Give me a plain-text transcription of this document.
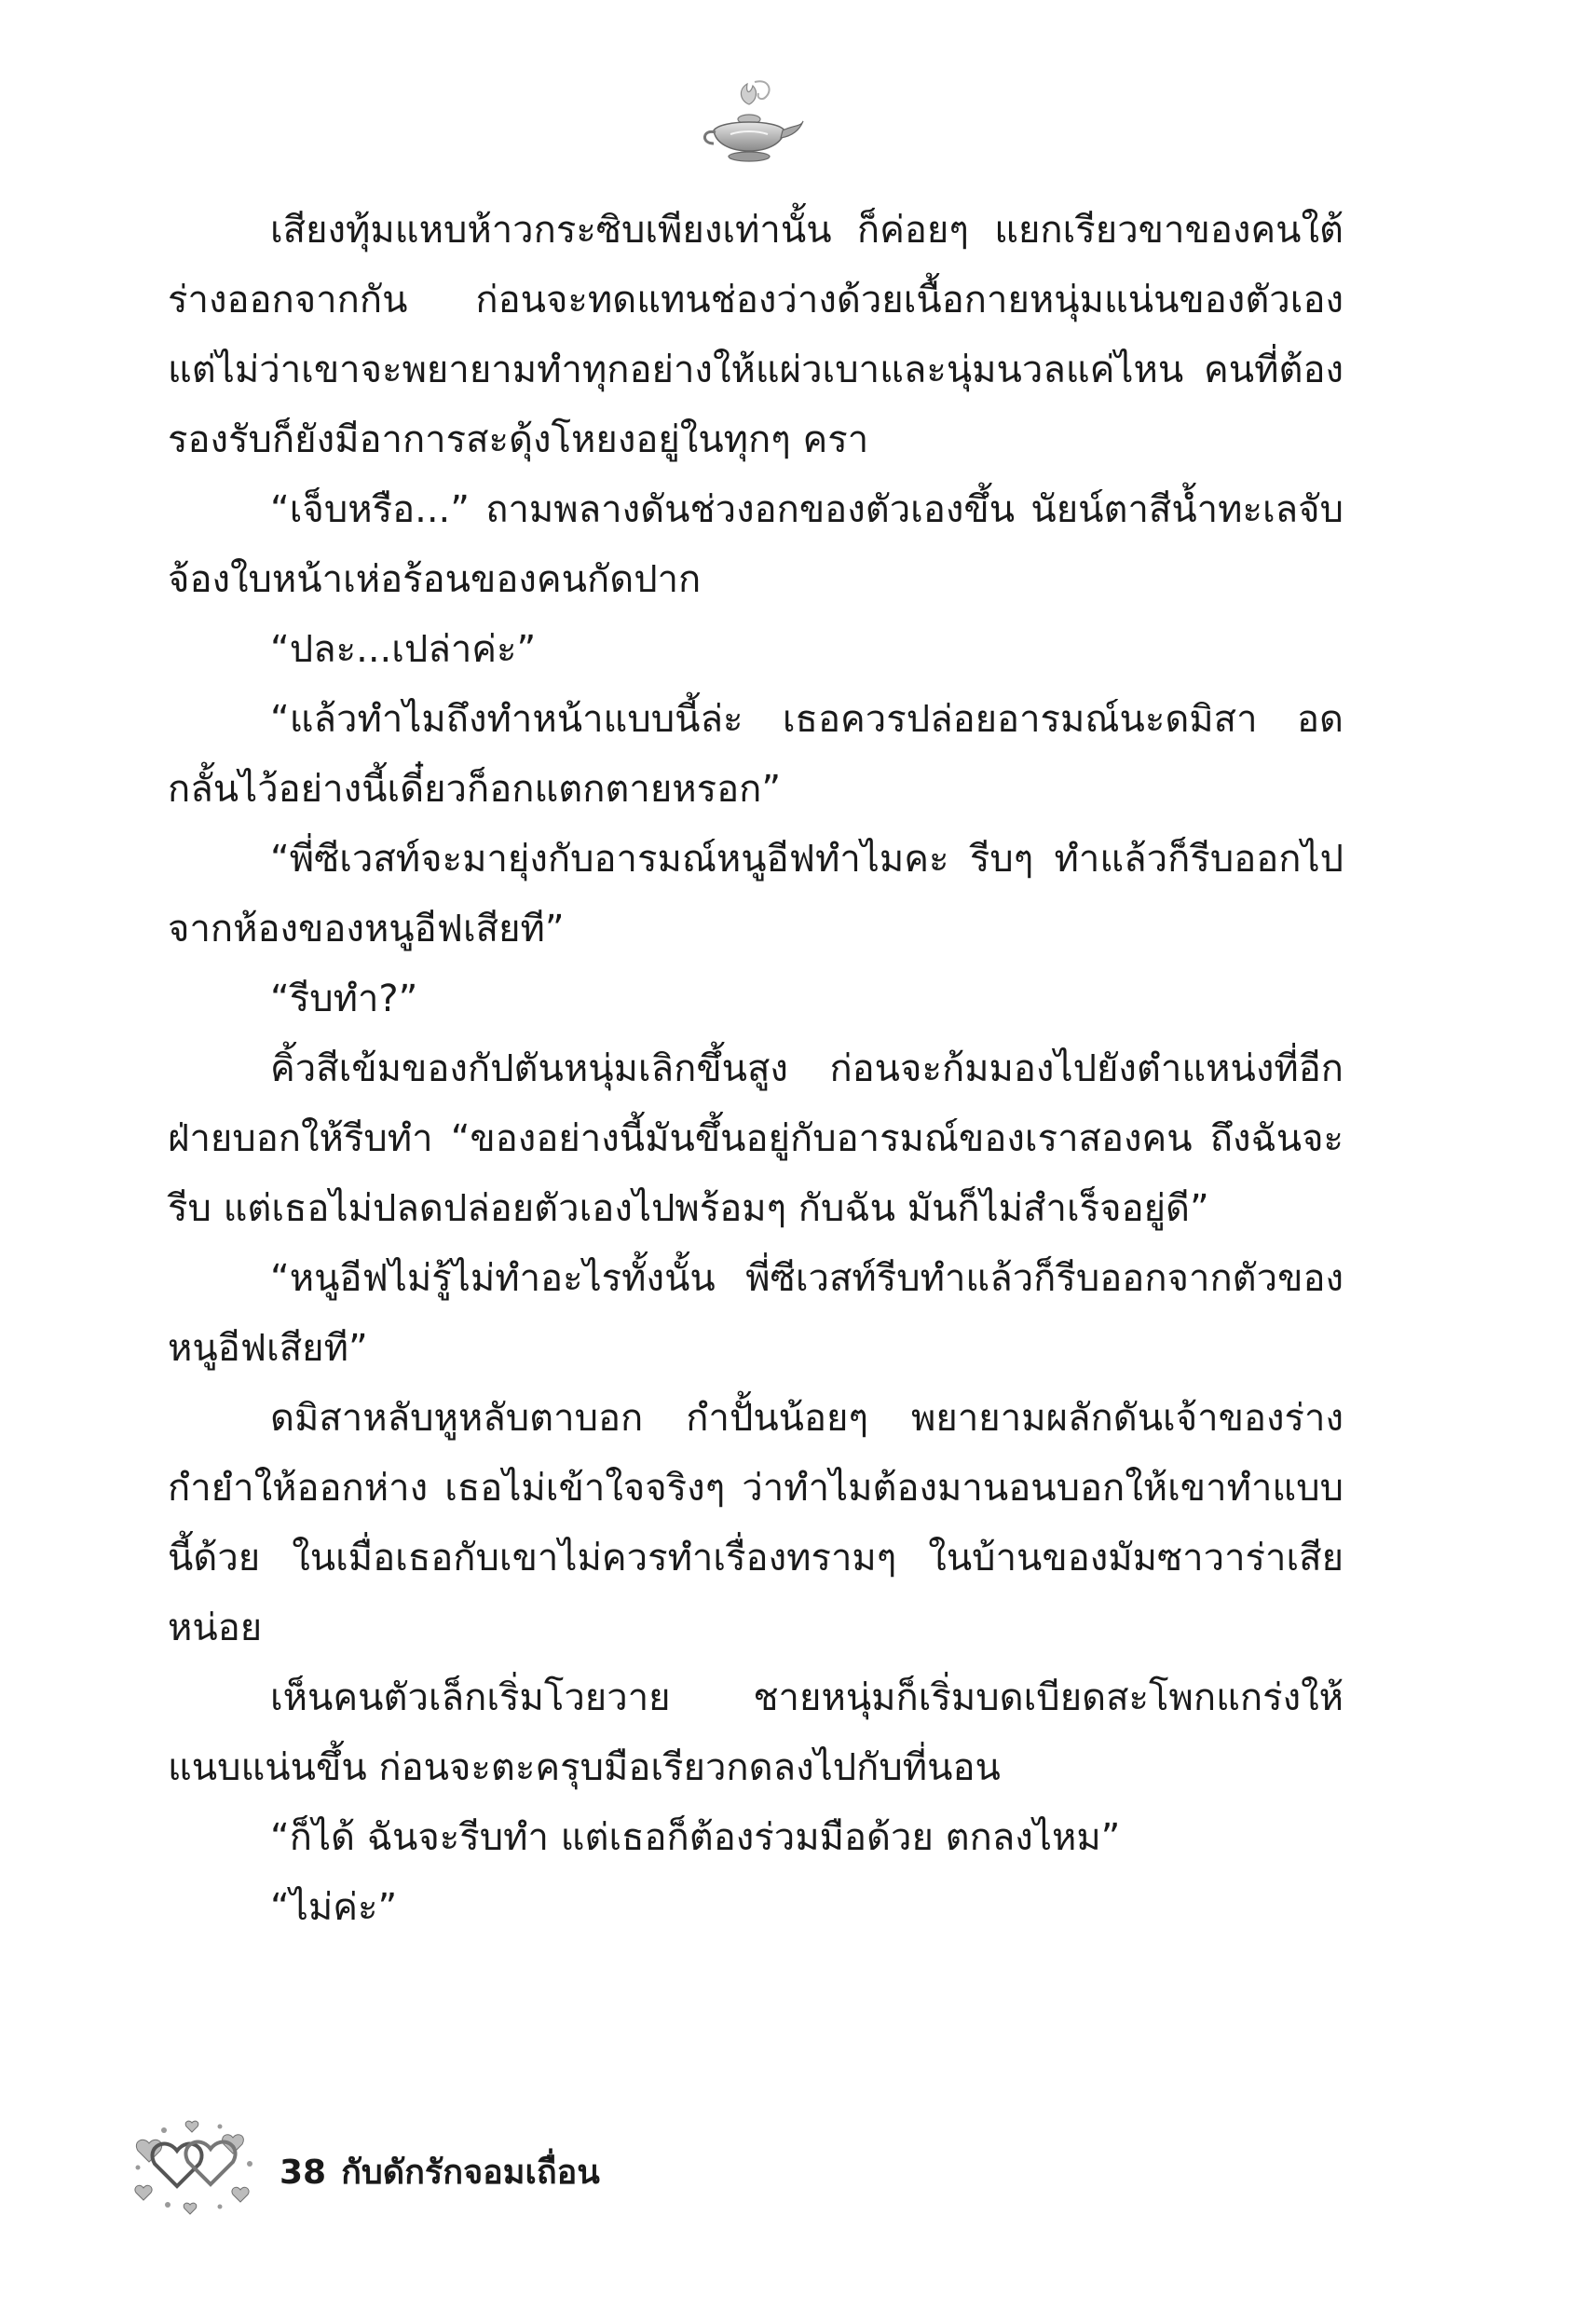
เสียงทุ้มแหบห้าวกระซิบเพียงเท่านั้น ก็ค่อยๆ แยกเรียวขาของคนใต้ร่างออกจากกัน ก่อนจะทดแทนช่องว่างด้วยเนื้อกายหนุ่มแน่นของตัวเอง แต่ไม่ว่าเขาจะพยายามทำทุกอย่างให้แผ่วเบาและนุ่มนวลแค่ไหน คนที่ต้องรองรับก็ยังมีอาการสะดุ้งโหยงอยู่ในทุกๆ ครา

“เจ็บหรือ...” ถามพลางดันช่วงอกของตัวเองขึ้น นัยน์ตาสีน้ำทะเลจับจ้องใบหน้าเห่อร้อนของคนกัดปาก

“ปละ...เปล่าค่ะ”

“แล้วทำไมถึงทำหน้าแบบนี้ล่ะ เธอควรปล่อยอารมณ์นะดมิสา อดกลั้นไว้อย่างนี้เดี๋ยวก็อกแตกตายหรอก”

“พี่ซีเวสท์จะมายุ่งกับอารมณ์หนูอีฟทำไมคะ รีบๆ ทำแล้วก็รีบออกไปจากห้องของหนูอีฟเสียที”

“รีบทำ?”

คิ้วสีเข้มของกัปตันหนุ่มเลิกขึ้นสูง ก่อนจะก้มมองไปยังตำแหน่งที่อีกฝ่ายบอกให้รีบทำ “ของอย่างนี้มันขึ้นอยู่กับอารมณ์ของเราสองคน ถึงฉันจะรีบ แต่เธอไม่ปลดปล่อยตัวเองไปพร้อมๆ กับฉัน มันก็ไม่สำเร็จอยู่ดี”

“หนูอีฟไม่รู้ไม่ทำอะไรทั้งนั้น พี่ซีเวสท์รีบทำแล้วก็รีบออกจากตัวของหนูอีฟเสียที”

ดมิสาหลับหูหลับตาบอก กำปั้นน้อยๆ พยายามผลักดันเจ้าของร่างกำยำให้ออกห่าง เธอไม่เข้าใจจริงๆ ว่าทำไมต้องมานอนบอกให้เขาทำแบบนี้ด้วย ในเมื่อเธอกับเขาไม่ควรทำเรื่องทรามๆ ในบ้านของมัมซาวาร่าเสียหน่อย

เห็นคนตัวเล็กเริ่มโวยวาย ชายหนุ่มก็เริ่มบดเบียดสะโพกแกร่งให้แนบแน่นขึ้น ก่อนจะตะครุบมือเรียวกดลงไปกับที่นอน

“ก็ได้ ฉันจะรีบทำ แต่เธอก็ต้องร่วมมือด้วย ตกลงไหม”

“ไม่ค่ะ”

38 กับดักรักจอมเถื่อน
